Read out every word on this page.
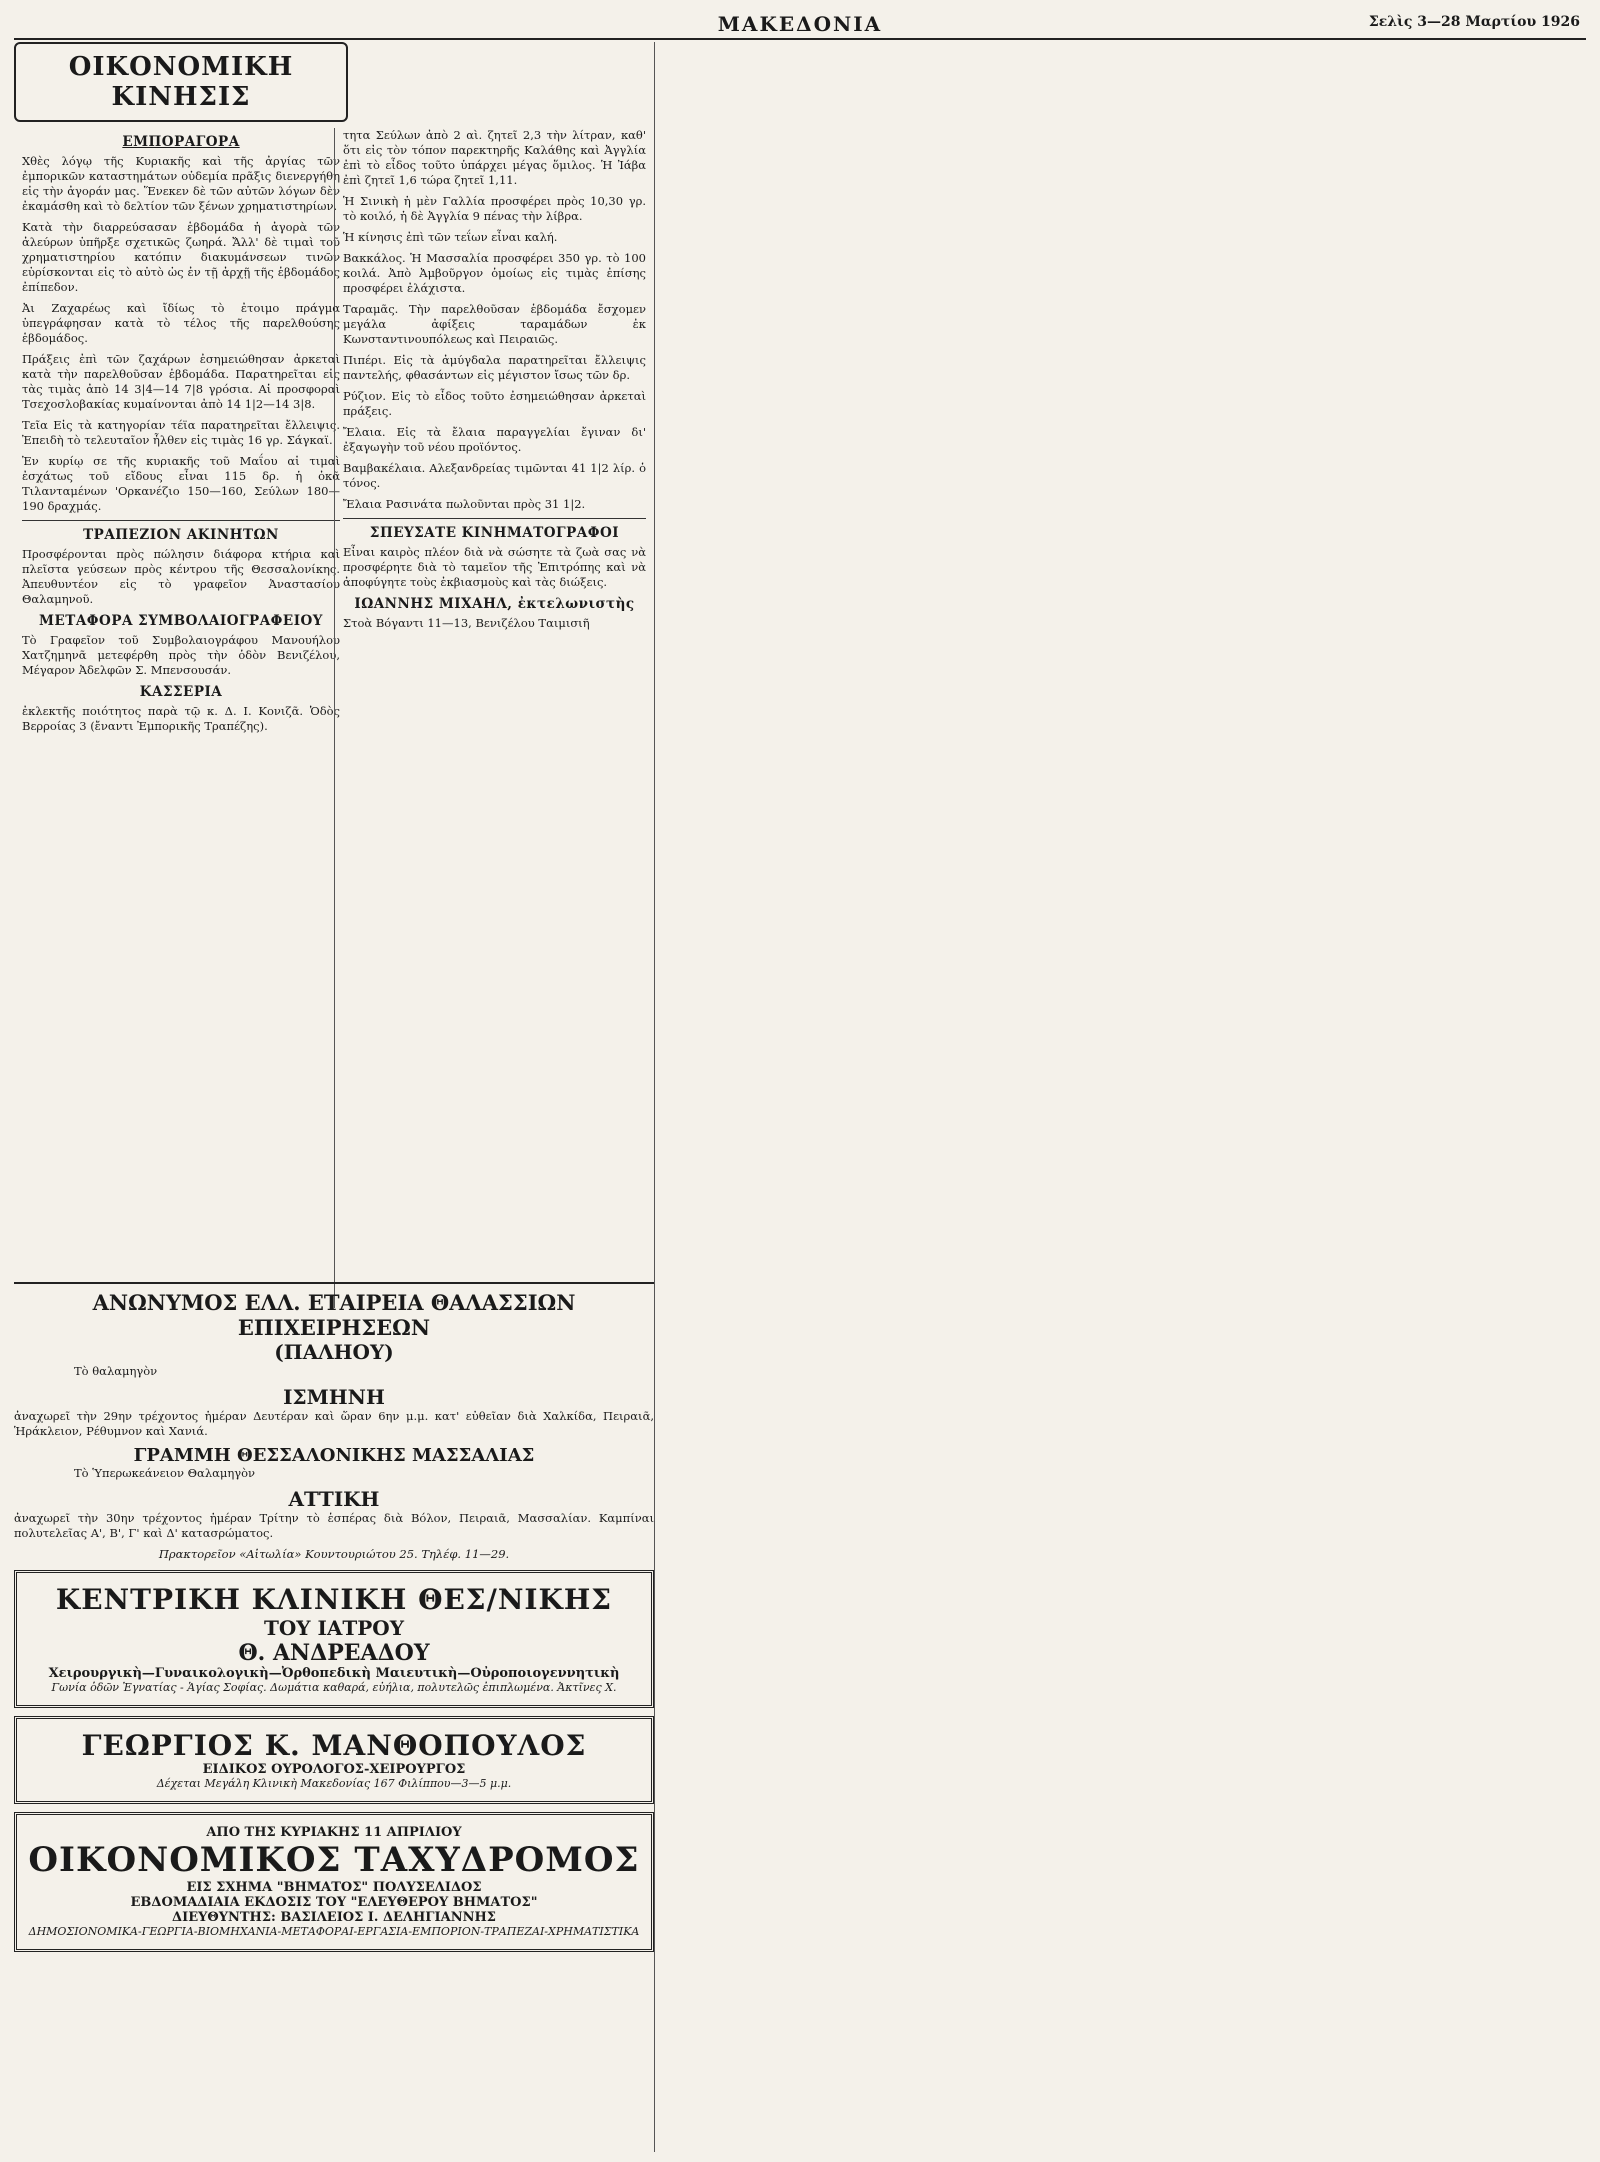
ΜΑΚΕΔΟΝΙΑ	Σελὶς 3—28 Μαρτίου 1926
ΟΙΚΟΝΟΜΙΚΗ ΚΙΝΗΣΙΣ
ΕΜΠΟΡΑΓΟΡΑ

Χθὲς λόγῳ τῆς Κυριακῆς καὶ τῆς ἀργίας τῶν ἐμπορικῶν καταστημάτων οὐδεμία πρᾶξις διενεργήθη εἰς τὴν ἀγοράν μας. Ἕνεκεν δὲ τῶν αὐτῶν λόγων δὲν ἐκαμάσθη καὶ τὸ δελτίον τῶν ξένων χρηματιστηρίων.

Κατὰ τὴν διαρρεύσασαν ἑβδομάδα ἡ ἀγορὰ τῶν ἀλεύρων ὑπῆρξε σχετικῶς ζωηρά. Ἄλλ' δὲ τιμαὶ τοῦ χρηματιστηρίου κατόπιν διακυμάνσεων τινῶν εὑρίσκονται εἰς τὸ αὐτὸ ὡς ἐν τῇ ἀρχῇ τῆς ἑβδομάδος ἐπίπεδον.

Ἀι Ζαχαρέως καὶ ἴδίως τὸ ἐτοιμο πράγμα ὑπεγράφησαν κατὰ τὸ τέλος τῆς παρελθούσης ἑβδομάδος.

Πράξεις ἐπὶ τῶν ζαχάρων ἐσημειώθησαν ἀρκεταὶ κατὰ τὴν παρελθοῦσαν ἑβδομάδα. Παρατηρεῖται εἰς τὰς τιμὰς ἀπὸ 14 3|4—14 7|8 γρόσια. Αἱ προσφοραὶ Τσεχοσλοβακίας κυμαίνονται ἀπὸ 14 1|2—14 3|8.

Τεῖα Εἰς τὰ κατηγορίαν τέϊα παρατηρεῖται ἔλλειψις. Ἐπειδὴ τὸ τελευταῖον ἦλθεν εἰς τιμὰς 16 γρ. Σάγκαϊ.

Ἐν κυρίῳ σε τῆς κυριακῆς τοῦ Μαΐου αἱ τιμαὶ ἐσχάτως τοῦ εἴδους εἶναι 115 δρ. ἡ ὀκᾶ Τιλανταμένων 'Ορκανέζιο 150—160, Σεύλων 180—190 δραχμάς.

ΤΡΑΠΕΖΙΟΝ ΑΚΙΝΗΤΩΝ

Προσφέρονται πρὸς πώλησιν διάφορα κτήρια καὶ πλεῖστα γεύσεων πρὸς κέντρου τῆς Θεσσαλονίκης. Ἀπευθυντέον εἰς τὸ γραφεῖον Ἀναστασίου Θαλαμηνοῦ.

ΜΕΤΑΦΟΡΑ ΣΥΜΒΟΛΑΙΟΓΡΑΦΕΙΟΥ

Τὸ Γραφεῖον τοῦ Συμβολαιογράφου Μανουήλου Χατζημηνᾶ μετεφέρθη πρὸς τὴν ὁδὸν Βενιζέλου, Μέγαρον Ἀδελφῶν Σ. Μπενσουσάν.

ΚΑΣΣΕΡΙΑ

ἐκλεκτῆς ποιότητος παρὰ τῷ κ. Δ. Ι. Κονιζᾶ. Ὁδὸς Βερροίας 3 (ἔναντι Ἐμπορικῆς Τραπέζης).

τητα Σεύλων ἀπὸ 2 αὶ. ζητεῖ 2,3 τὴν λίτραν, καθ' ὅτι εἰς τὸν τόπον παρεκτηρῆς Καλάθης καὶ Ἀγγλία ἐπὶ τὸ εἶδος τοῦτο ὑπάρχει μέγας ὅμιλος. Ἡ Ἰάβα ἐπὶ ζητεῖ 1,6 τώρα ζητεῖ 1,11.

Ἡ Σινικὴ ἡ μὲν Γαλλία προσφέρει πρὸς 10,30 γρ. τὸ κοιλό, ἡ δὲ Ἀγγλία 9 πένας τὴν λίβρα.

Ἡ κίνησις ἐπὶ τῶν τεΐων εἶναι καλή.

Βακκάλος. Ἡ Μασσαλία προσφέρει 350 γρ. τὸ 100 κοιλά. Ἀπὸ Ἀμβοῦργον ὁμοίως εἰς τιμὰς ἐπίσης προσφέρει ἐλάχιστα.

Ταραμᾶς. Τὴν παρελθοῦσαν ἑβδομάδα ἔσχομεν μεγάλα ἀφίξεις ταραμάδων ἐκ Κωνσταντινουπόλεως καὶ Πειραιῶς.

Πιπέρι. Εἰς τὰ ἀμύγδαλα παρατηρεῖται ἔλλειψις παντελής, φθασάντων εἰς μέγιστον ἴσως τῶν δρ.

Ρύζιον. Εἰς τὸ εἶδος τοῦτο ἐσημειώθησαν ἀρκεταὶ πράξεις.

Ἔλαια. Εἰς τὰ ἔλαια παραγγελίαι ἔγιναν δι' ἐξαγωγὴν τοῦ νέου προϊόντος.

Βαμβακέλαια. Αλεξανδρείας τιμῶνται 41 1|2 λίρ. ὁ τόνος.

Ἔλαια Ρασινάτα πωλοῦνται πρὸς 31 1|2.

ΣΠΕΥΣΑΤΕ ΚΙΝΗΜΑΤΟΓΡΑΦΟΙ

Εἶναι καιρὸς πλέον διὰ νὰ σώσητε τὰ ζωὰ σας νὰ προσφέρητε διὰ τὸ ταμεῖον τῆς Ἐπιτρόπης καὶ νὰ ἀποφύγητε τοὺς ἐκβιασμοὺς καὶ τὰς διώξεις.

ΙΩΑΝΝΗΣ ΜΙΧΑΗΛ, ἐκτελωνιστὴς

Στοὰ Βόγαντι 11—13, Βενιζέλου Ταιμισιῆ

ΑΝΩΝΥΜΟΣ ΕΛΛ. ΕΤΑΙΡΕΙΑ ΘΑΛΑΣΣΙΩΝ ΕΠΙΧΕΙΡΗΣΕΩΝ
(ΠΑΛΗΟΥ)
Τὸ θαλαμηγὸν
ΙΣΜΗΝΗ

ἀναχωρεῖ τὴν 29ην τρέχοντος ἡμέραν Δευτέραν καὶ ὥραν 6ην μ.μ. κατ' εὐθεῖαν διὰ Χαλκίδα, Πειραιᾶ, Ἡράκλειον, Ρέθυμνον καὶ Χανιά.

ΓΡΑΜΜΗ ΘΕΣΣΑΛΟΝΙΚΗΣ ΜΑΣΣΑΛΙΑΣ
Τὸ Ὑπερωκεάνειον Θαλαμηγὸν
ΑΤΤΙΚΗ

ἀναχωρεῖ τὴν 30ην τρέχοντος ἡμέραν Τρίτην τὸ ἑσπέρας διὰ Βόλον, Πειραιᾶ, Μασσαλίαν. Καμπίναι πολυτελεῖας Α', Β', Γ' καὶ Δ' κατασρώματος.

Πρακτορεῖον «Αἰτωλία» Κουντουριώτου 25. Τηλέφ. 11—29.

ΚΕΝΤΡΙΚΗ ΚΛΙΝΙΚΗ ΘΕΣ/ΝΙΚΗΣ
ΤΟΥ ΙΑΤΡΟΥ
Θ. ΑΝΔΡΕΑΔΟΥ
Χειρουργικὴ—Γυναικολογικὴ—Ὀρθοπεδικὴ Μαιευτικὴ—Οὐροποιογεννητικὴ
Γωνία ὁδῶν Ἐγνατίας - Ἁγίας Σοφίας. Δωμάτια καθαρά, εὐήλια, πολυτελῶς ἐπιπλωμένα. Ἀκτῖνες Χ.
ΓΕΩΡΓΙΟΣ Κ. ΜΑΝΘΟΠΟΥΛΟΣ
ΕΙΔΙΚΟΣ ΟΥΡΟΛΟΓΟΣ-ΧΕΙΡΟΥΡΓΟΣ
Δέχεται Μεγάλη Κλινικὴ Μακεδονίας 167 Φιλίππου—3—5 μ.μ.
ΑΠΟ ΤΗΣ ΚΥΡΙΑΚΗΣ 11 ΑΠΡΙΛΙΟΥ
ΟΙΚΟΝΟΜΙΚΟΣ ΤΑΧΥΔΡΟΜΟΣ
ΕΙΣ ΣΧΗΜΑ "ΒΗΜΑΤΟΣ" ΠΟΛΥΣΕΛΙΔΟΣ
ΕΒΔΟΜΑΔΙΑΙΑ ΕΚΔΟΣΙΣ ΤΟΥ "ΕΛΕΥΘΕΡΟΥ ΒΗΜΑΤΟΣ"
ΔΙΕΥΘΥΝΤΗΣ: ΒΑΣΙΛΕΙΟΣ Ι. ΔΕΛΗΓΙΑΝΝΗΣ
ΔΗΜΟΣΙΟΝΟΜΙΚΑ-ΓΕΩΡΓΙΑ-ΒΙΟΜΗΧΑΝΙΑ-ΜΕΤΑΦΟΡΑΙ-ΕΡΓΑΣΙΑ-ΕΜΠΟΡΙΟΝ-ΤΡΑΠΕΖΑΙ-ΧΡΗΜΑΤΙΣΤΙΚΑ
